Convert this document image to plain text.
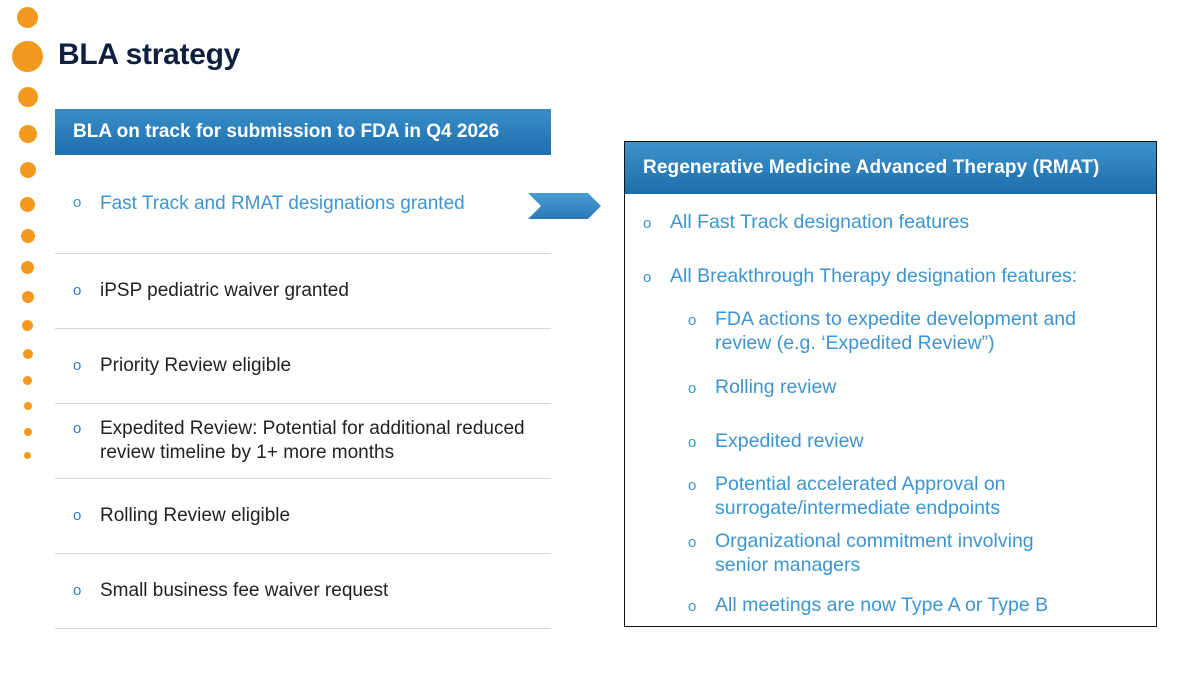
BLA strategy
BLA on track for submission to FDA in Q4 2026
o Fast Track and RMAT designations granted
o iPSP pediatric waiver granted
o Priority Review eligible
o Expedited Review: Potential for additional reduced review timeline by 1+ more months
o Rolling Review eligible
o Small business fee waiver request
Regenerative Medicine Advanced Therapy (RMAT)
o All Fast Track designation features
o All Breakthrough Therapy designation features:
o FDA actions to expedite development and review (e.g. ‘Expedited Review”)
o Rolling review
o Expedited review
o Potential accelerated Approval on surrogate/intermediate endpoints
o Organizational commitment involving senior managers
o All meetings are now Type A or Type B
